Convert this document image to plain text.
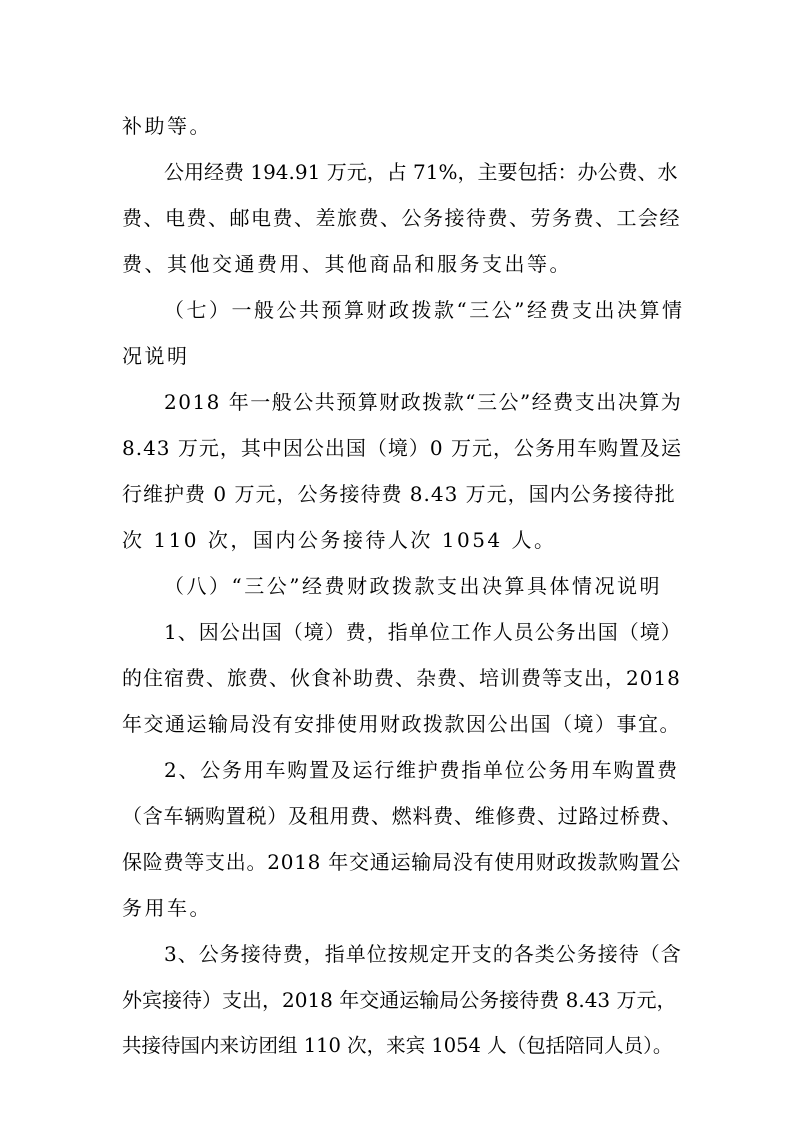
补助等。
公用经费 194.91 万元，占 71%，主要包括：办公费、水
费、电费、邮电费、差旅费、公务接待费、劳务费、工会经
费、其他交通费用、其他商品和服务支出等。
（七）一般公共预算财政拨款“三公”经费支出决算情
况说明
2018 年一般公共预算财政拨款“三公”经费支出决算为
8.43 万元，其中因公出国（境）0 万元，公务用车购置及运
行维护费 0 万元，公务接待费 8.43 万元，国内公务接待批
次 110 次，国内公务接待人次 1054 人。
（八）“三公”经费财政拨款支出决算具体情况说明
1、因公出国（境）费，指单位工作人员公务出国（境）
的住宿费、旅费、伙食补助费、杂费、培训费等支出，2018
年交通运输局没有安排使用财政拨款因公出国（境）事宜。
2、公务用车购置及运行维护费指单位公务用车购置费
（含车辆购置税）及租用费、燃料费、维修费、过路过桥费、
保险费等支出。2018 年交通运输局没有使用财政拨款购置公
务用车。
3、公务接待费，指单位按规定开支的各类公务接待（含
外宾接待）支出，2018 年交通运输局公务接待费 8.43 万元，
共接待国内来访团组 110 次，来宾 1054 人（包括陪同人员）。
